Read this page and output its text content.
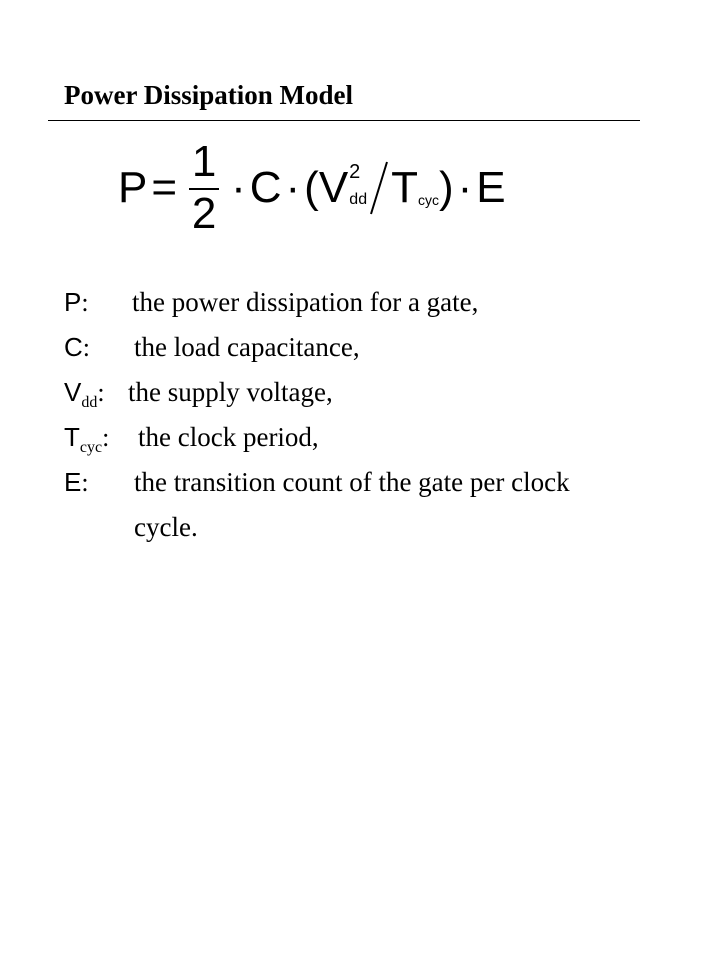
Power Dissipation Model
$P = \frac{1}{2} \cdot C$ · ( V 2
dd T cyc ) · E
P: the power dissipation for a gate,
C: the load capacitance,
$V_{dd}$: the supply voltage,
$T_{cyc}$: the clock period,
E: the transition count of the gate per clock
cycle.
